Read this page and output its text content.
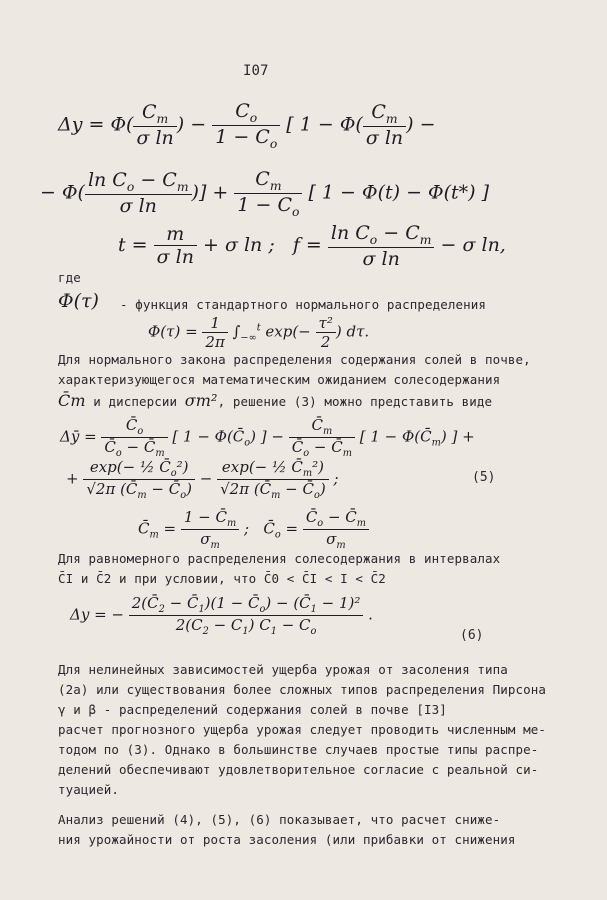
I07
$\Delta y = \Phi( \frac{C_m}{\text{σ ln}}$ ) − $\frac{C_o}{1 - C_o}$ [ $1 - \Phi( \frac{C_m}{\text{σ ln}}$ ) −
− $\Phi( \frac{\ln C_o - C_m}{\text{σ ln}}$ )] + $\frac{C_m}{1 - C_o}$ [ 1 − Φ(t) − Φ(t*) ]
$t = \frac{m}{\text{σ ln}} + \sigma$ ln ;   $f = \frac{\ln C_o - C_m}{\text{σ ln}} - \sigma$ ln,
где
Φ(τ) - функция стандартного нормального распределения
$\Phi(\tau) = \frac{1}{2\pi} \int_{-\infty}^t$ $\exp(- \frac{\text{τ²}}{2}$ ) dτ.
Для нормального закона распределения содержания солей в почве,
характеризующегося математическим ожиданием солесодержания
C̄m и дисперсии σm², решение (3) можно представить виде
Δȳ = $\frac{C̄_o}{C̄_o - C̄_m}$ [ $1 - \Phi(C̄_o)$ ] − $\frac{C̄_m}{C̄_o - C̄_m}$ [ $1 - \Phi(C̄_m)$ ] +
+ $\frac{\exp(- \frac{1}{2} C̄_o^2)}{√2\pi (C̄_m - C̄_o)} - \frac{\exp(- \frac{1}{2} C̄_m^2)}{√2\pi (C̄_m - C̄_o)}$ ;	(5)
$C̄_m = \frac{1 - C̄_m}{\sigma_m}$ ;   $C̄_o = \frac{C̄_o - C̄_m}{\sigma_m}$
Для равномерного распределения солесодержания в интервалах
C̄I и C̄2 и при условии, что C̄0 < C̄I < I < C̄2
Δy = − $\frac{2(C̄_2 - C̄_1)(1 - C̄_o) - (C̄_1 - 1)^2}{2(C_2 - C_1) C_1 - C_o}$ .
(6)
Для нелинейных зависимостей ущерба урожая от засоления типа
(2а) или существования более сложных типов распределения Пирсона
γ и β - распределений содержания солей в почве [I3]
расчет прогнозного ущерба урожая следует проводить численным ме-
тодом по (3). Однако в большинстве случаев простые типы распре-
делений обеспечивают удовлетворительное согласие с реальной си-
туацией.
Анализ решений (4), (5), (6) показывает, что расчет сниже-
ния урожайности от роста засоления (или прибавки от снижения
